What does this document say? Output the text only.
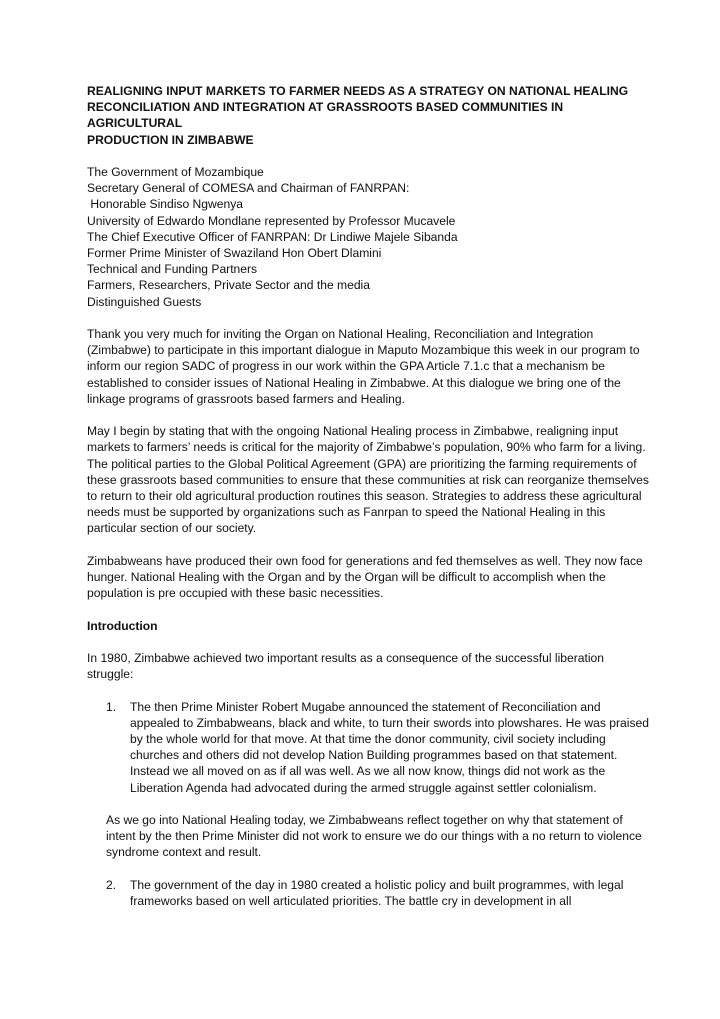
REALIGNING INPUT MARKETS TO FARMER NEEDS AS A STRATEGY ON NATIONAL HEALING
RECONCILIATION AND INTEGRATION AT GRASSROOTS BASED COMMUNITIES IN AGRICULTURAL
PRODUCTION IN ZIMBABWE

The Government of Mozambique

Secretary General of COMESA and Chairman of FANRPAN:

Honorable Sindiso Ngwenya

University of Edwardo Mondlane represented by Professor Mucavele

The Chief Executive Officer of FANRPAN: Dr Lindiwe Majele Sibanda

Former Prime Minister of Swaziland Hon Obert Dlamini

Technical and Funding Partners

Farmers, Researchers, Private Sector and the media

Distinguished Guests

Thank you very much for inviting the Organ on National Healing, Reconciliation and Integration (Zimbabwe) to participate in this important dialogue in Maputo Mozambique this week in our program to inform our region SADC of progress in our work within the GPA Article 7.1.c that a mechanism be established to consider issues of National Healing in Zimbabwe. At this dialogue we bring one of the linkage programs of grassroots based farmers and Healing.

May I begin by stating that with the ongoing National Healing process in Zimbabwe, realigning input markets to farmers’ needs is critical for the majority of Zimbabwe’s population, 90% who farm for a living. The political parties to the Global Political Agreement (GPA) are prioritizing the farming requirements of these grassroots based communities to ensure that these communities at risk can reorganize themselves to return to their old agricultural production routines this season. Strategies to address these agricultural needs must be supported by organizations such as Fanrpan to speed the National Healing in this particular section of our society.

Zimbabweans have produced their own food for generations and fed themselves as well. They now face hunger. National Healing with the Organ and by the Organ will be difficult to accomplish when the population is pre occupied with these basic necessities.

Introduction

In 1980, Zimbabwe achieved two important results as a consequence of the successful liberation struggle:

1. The then Prime Minister Robert Mugabe announced the statement of Reconciliation and appealed to Zimbabweans, black and white, to turn their swords into plowshares. He was praised by the whole world for that move. At that time the donor community, civil society including churches and others did not develop Nation Building programmes based on that statement. Instead we all moved on as if all was well. As we all now know, things did not work as the Liberation Agenda had advocated during the armed struggle against settler colonialism.

As we go into National Healing today, we Zimbabweans reflect together on why that statement of intent by the then Prime Minister did not work to ensure we do our things with a no return to violence syndrome context and result.

2. The government of the day in 1980 created a holistic policy and built programmes, with legal frameworks based on well articulated priorities. The battle cry in development in all
